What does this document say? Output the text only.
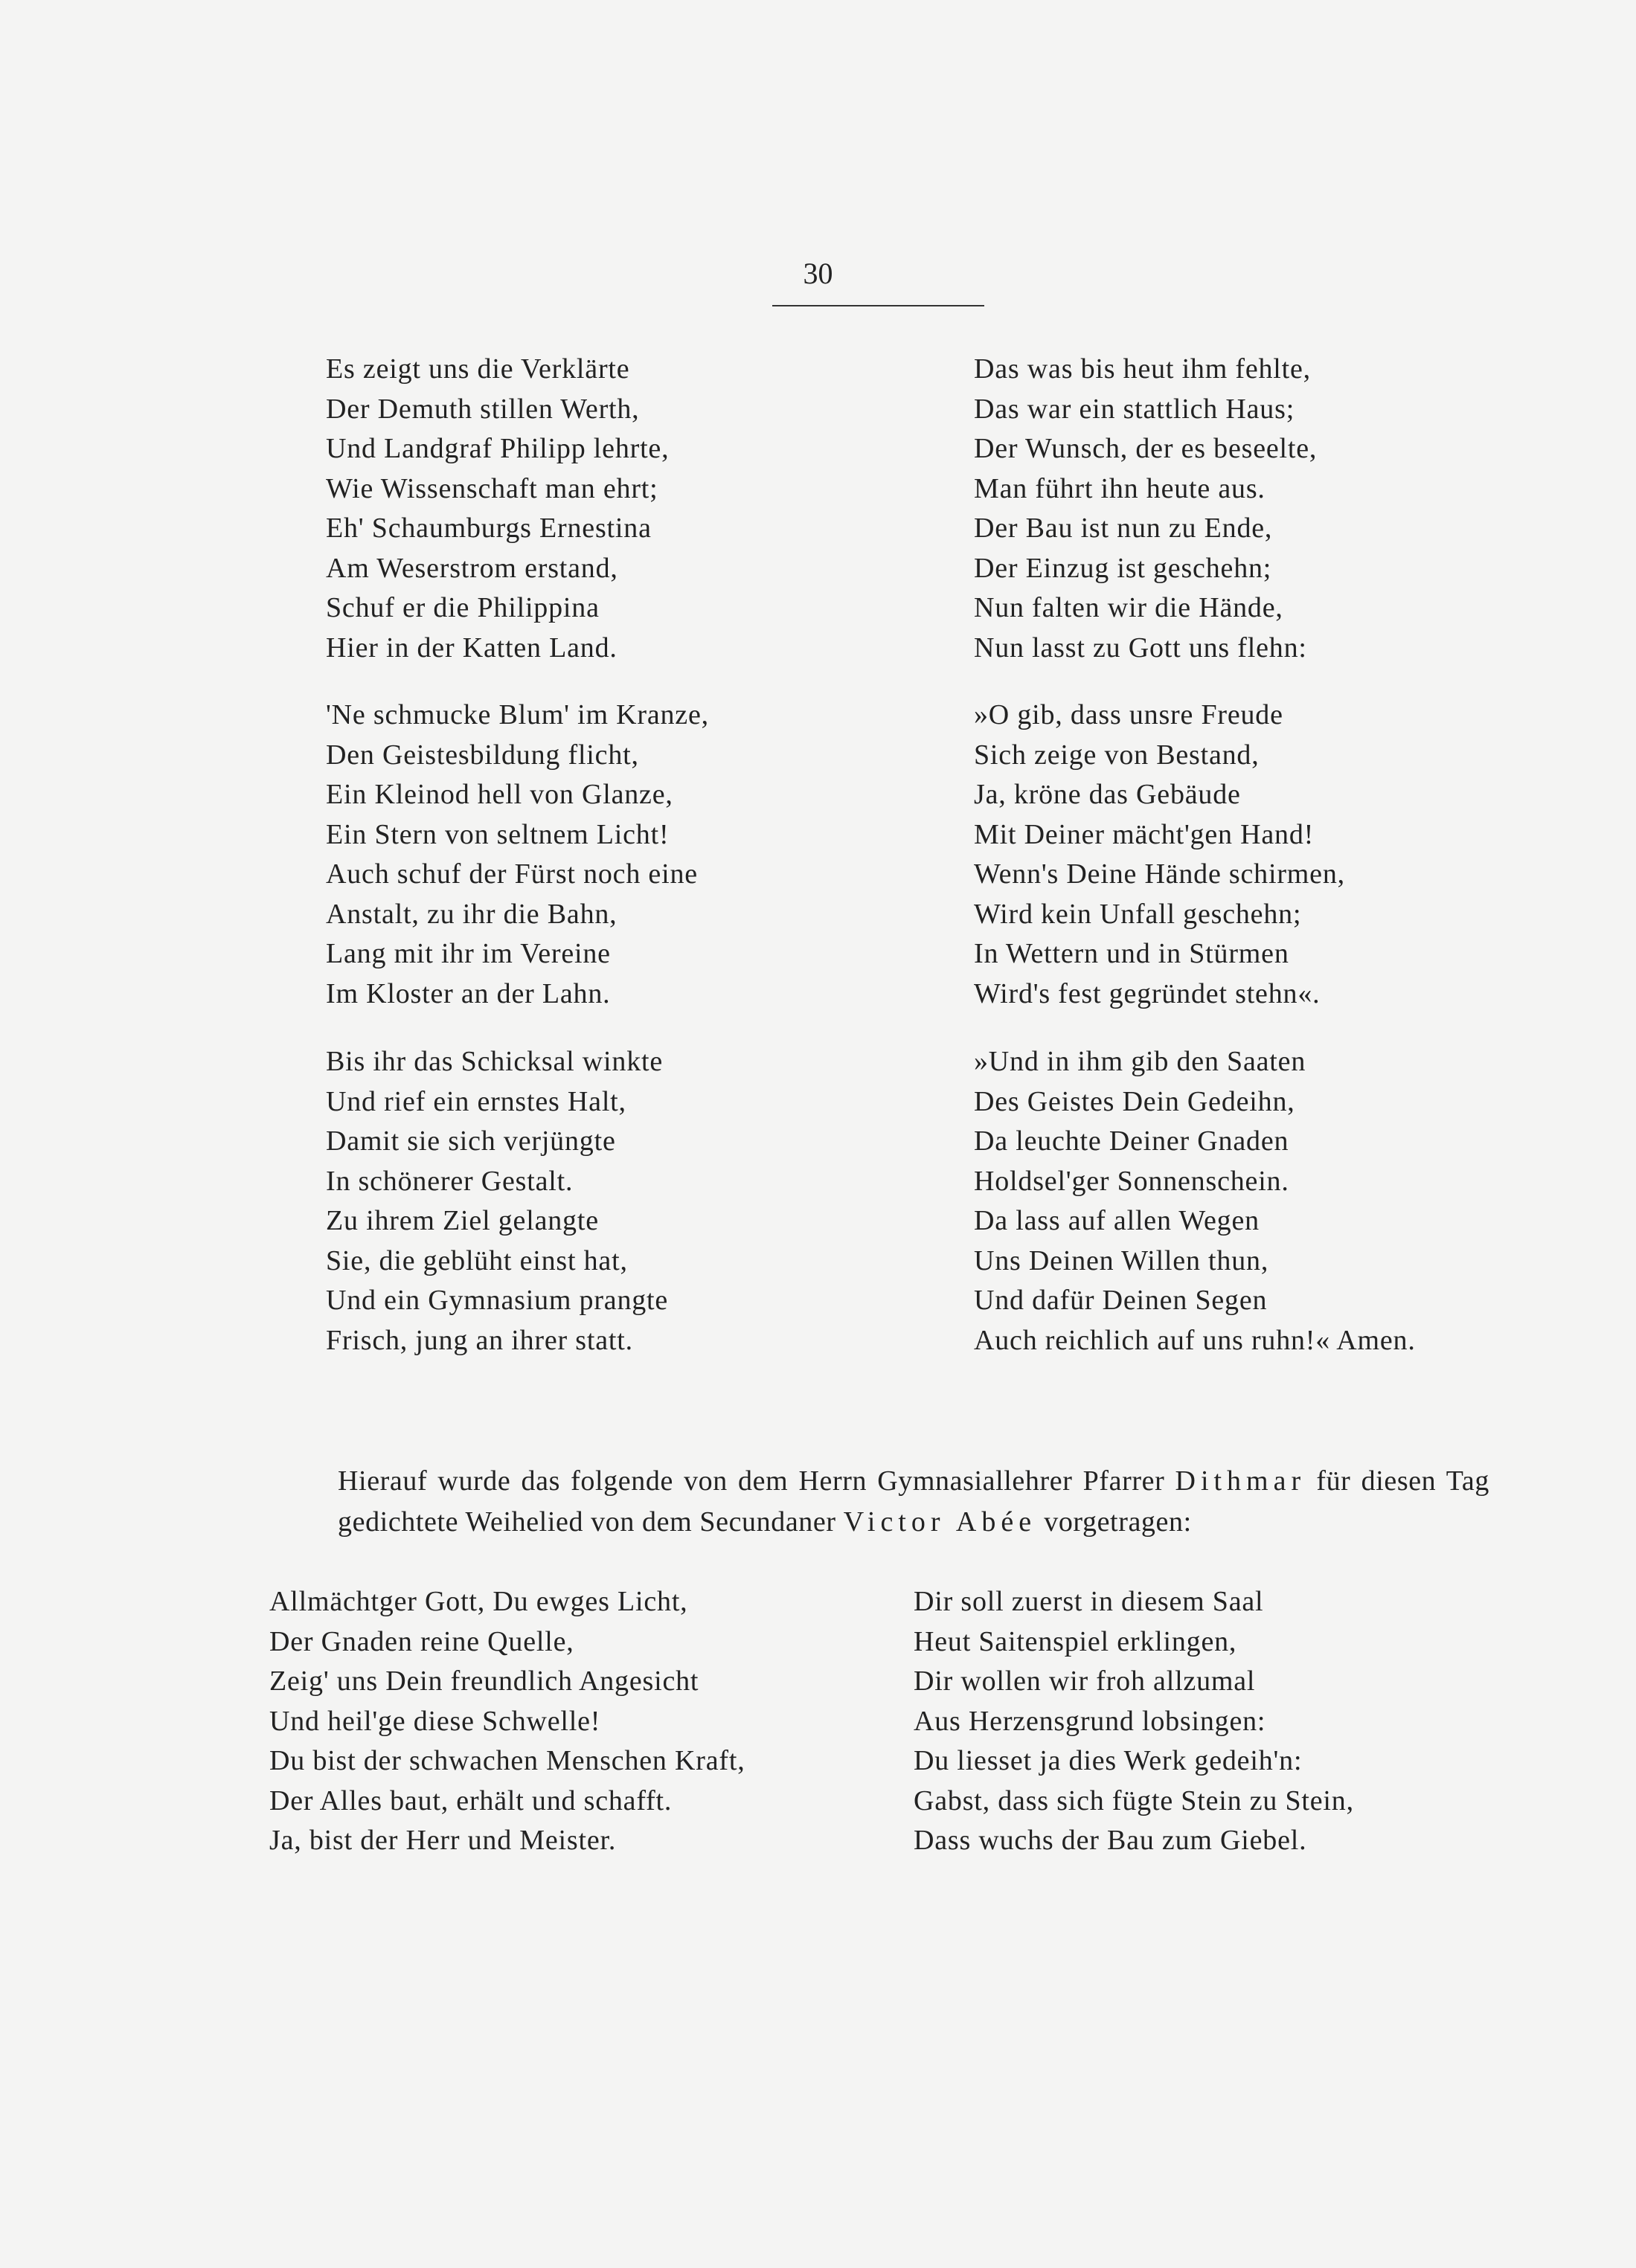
30
Es zeigt uns die Verklärte
Der Demuth stillen Werth,
Und Landgraf Philipp lehrte,
Wie Wissenschaft man ehrt;
Eh' Schaumburgs Ernestina
Am Weserstrom erstand,
Schuf er die Philippina
Hier in der Katten Land.
'Ne schmucke Blum' im Kranze,
Den Geistesbildung flicht,
Ein Kleinod hell von Glanze,
Ein Stern von seltnem Licht!
Auch schuf der Fürst noch eine
Anstalt, zu ihr die Bahn,
Lang mit ihr im Vereine
Im Kloster an der Lahn.
Bis ihr das Schicksal winkte
Und rief ein ernstes Halt,
Damit sie sich verjüngte
In schönerer Gestalt.
Zu ihrem Ziel gelangte
Sie, die geblüht einst hat,
Und ein Gymnasium prangte
Frisch, jung an ihrer statt.
Das was bis heut ihm fehlte,
Das war ein stattlich Haus;
Der Wunsch, der es beseelte,
Man führt ihn heute aus.
Der Bau ist nun zu Ende,
Der Einzug ist geschehn;
Nun falten wir die Hände,
Nun lasst zu Gott uns flehn:
»O gib, dass unsre Freude
Sich zeige von Bestand,
Ja, kröne das Gebäude
Mit Deiner mächt'gen Hand!
Wenn's Deine Hände schirmen,
Wird kein Unfall geschehn;
In Wettern und in Stürmen
Wird's fest gegründet stehn«.
»Und in ihm gib den Saaten
Des Geistes Dein Gedeihn,
Da leuchte Deiner Gnaden
Holdsel'ger Sonnenschein.
Da lass auf allen Wegen
Uns Deinen Willen thun,
Und dafür Deinen Segen
Auch reichlich auf uns ruhn!« Amen.

Hierauf wurde das folgende von dem Herrn Gymnasiallehrer Pfarrer Dithmar für diesen Tag gedichtete Weihelied von dem Secundaner Victor Abée vorgetragen:

Allmächtger Gott, Du ewges Licht,
Der Gnaden reine Quelle,
Zeig' uns Dein freundlich Angesicht
Und heil'ge diese Schwelle!
Du bist der schwachen Menschen Kraft,
Der Alles baut, erhält und schafft.
Ja, bist der Herr und Meister.
Dir soll zuerst in diesem Saal
Heut Saitenspiel erklingen,
Dir wollen wir froh allzumal
Aus Herzensgrund lobsingen:
Du liesset ja dies Werk gedeih'n:
Gabst, dass sich fügte Stein zu Stein,
Dass wuchs der Bau zum Giebel.
